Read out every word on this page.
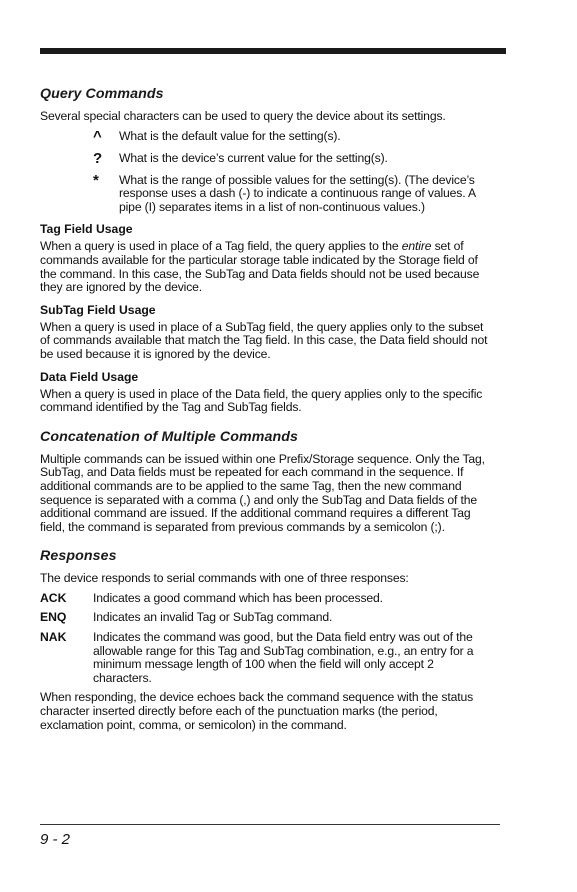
Query Commands
Several special characters can be used to query the device about its settings.
^	What is the default value for the setting(s).
?	What is the device’s current value for the setting(s).
*	What is the range of possible values for the setting(s). (The device’s response uses a dash (-) to indicate a continuous range of values. A pipe (I) separates items in a list of non-continuous values.)
Tag Field Usage
When a query is used in place of a Tag field, the query applies to the entire set of commands available for the particular storage table indicated by the Storage field of the command. In this case, the SubTag and Data fields should not be used because they are ignored by the device.
SubTag Field Usage
When a query is used in place of a SubTag field, the query applies only to the subset of commands available that match the Tag field. In this case, the Data field should not be used because it is ignored by the device.
Data Field Usage
When a query is used in place of the Data field, the query applies only to the specific command identified by the Tag and SubTag fields.
Concatenation of Multiple Commands
Multiple commands can be issued within one Prefix/Storage sequence. Only the Tag, SubTag, and Data fields must be repeated for each command in the sequence. If additional commands are to be applied to the same Tag, then the new command sequence is separated with a comma (,) and only the SubTag and Data fields of the additional command are issued. If the additional command requires a different Tag field, the command is separated from previous commands by a semicolon (;).
Responses
The device responds to serial commands with one of three responses:
ACK	Indicates a good command which has been processed.
ENQ	Indicates an invalid Tag or SubTag command.
NAK	Indicates the command was good, but the Data field entry was out of the allowable range for this Tag and SubTag combination, e.g., an entry for a minimum message length of 100 when the field will only accept 2 characters.
When responding, the device echoes back the command sequence with the status character inserted directly before each of the punctuation marks (the period, exclamation point, comma, or semicolon) in the command.
9 - 2
